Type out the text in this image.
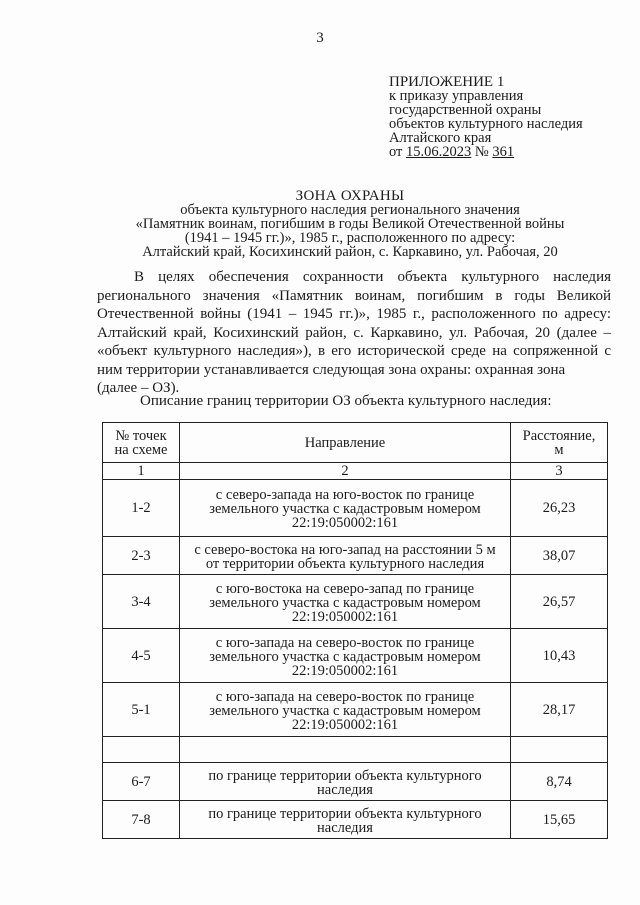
3
ПРИЛОЖЕНИЕ 1
к приказу управления
государственной охраны
объектов культурного наследия
Алтайского края
от 15.06.2023 № 361
ЗОНА ОХРАНЫ
объекта культурного наследия регионального значения
«Памятник воинам, погибшим в годы Великой Отечественной войны
(1941 – 1945 гг.)», 1985 г., расположенного по адресу:
Алтайский край, Косихинский район, с. Каркавино, ул. Рабочая, 20
В целях обеспечения сохранности объекта культурного наследия регионального значения «Памятник воинам, погибшим в годы Великой Отечественной войны (1941 – 1945 гг.)», 1985 г., расположенного по адресу: Алтайский край, Косихинский район, с. Каркавино, ул. Рабочая, 20 (далее – «объект культурного наследия»), в его исторической среде на сопряженной с ним территории устанавливается следующая зона охраны: охранная зона

(далее – ОЗ).

Описание границ территории ОЗ объекта культурного наследия:
№ точек
на схеме	Направление	Расстояние,
м
1	2	3
1-2	с северо-запада на юго-восток по границе
земельного участка с кадастровым номером
22:19:050002:161	26,23
2-3	с северо-востока на юго-запад на расстоянии 5 м
от территории объекта культурного наследия	38,07
3-4	с юго-востока на северо-запад по границе
земельного участка с кадастровым номером
22:19:050002:161	26,57
4-5	с юго-запада на северо-восток по границе
земельного участка с кадастровым номером
22:19:050002:161	10,43
5-1	с юго-запада на северо-восток по границе
земельного участка с кадастровым номером
22:19:050002:161	28,17

6-7	по границе территории объекта культурного
наследия	8,74
7-8	по границе территории объекта культурного
наследия	15,65
